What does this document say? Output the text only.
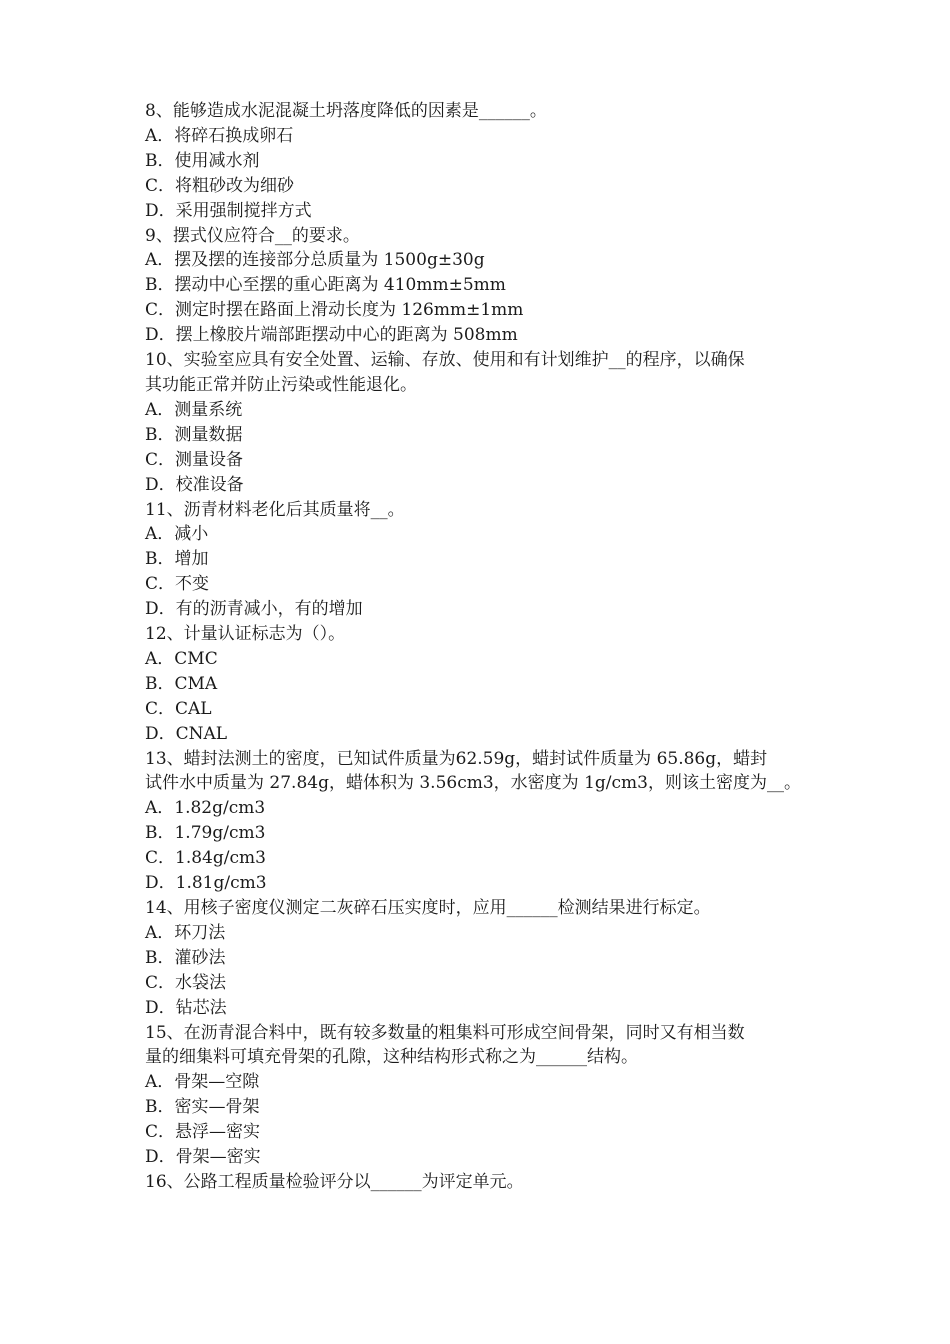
8、能够造成水泥混凝土坍落度降低的因素是______。
A．将碎石换成卵石
B．使用减水剂
C．将粗砂改为细砂
D．采用强制搅拌方式
9、摆式仪应符合__的要求。
A．摆及摆的连接部分总质量为 1500g±30g
B．摆动中心至摆的重心距离为 410mm±5mm
C．测定时摆在路面上滑动长度为 126mm±1mm
D．摆上橡胶片端部距摆动中心的距离为 508mm
10、实验室应具有安全处置、运输、存放、使用和有计划维护__的程序，以确保
其功能正常并防止污染或性能退化。
A．测量系统
B．测量数据
C．测量设备
D．校准设备
11、沥青材料老化后其质量将__。
A．减小
B．增加
C．不变
D．有的沥青减小，有的增加
12、计量认证标志为（）。
A．CMC
B．CMA
C．CAL
D．CNAL
13、蜡封法测土的密度，已知试件质量为62.59g，蜡封试件质量为 65.86g，蜡封
试件水中质量为 27.84g，蜡体积为 3.56cm3，水密度为 1g/cm3，则该土密度为__。
A．1.82g/cm3
B．1.79g/cm3
C．1.84g/cm3
D．1.81g/cm3
14、用核子密度仪测定二灰碎石压实度时，应用______检测结果进行标定。
A．环刀法
B．灌砂法
C．水袋法
D．钻芯法
15、在沥青混合料中，既有较多数量的粗集料可形成空间骨架，同时又有相当数
量的细集料可填充骨架的孔隙，这种结构形式称之为______结构。
A．骨架—空隙
B．密实—骨架
C．悬浮—密实
D．骨架—密实
16、公路工程质量检验评分以______为评定单元。
